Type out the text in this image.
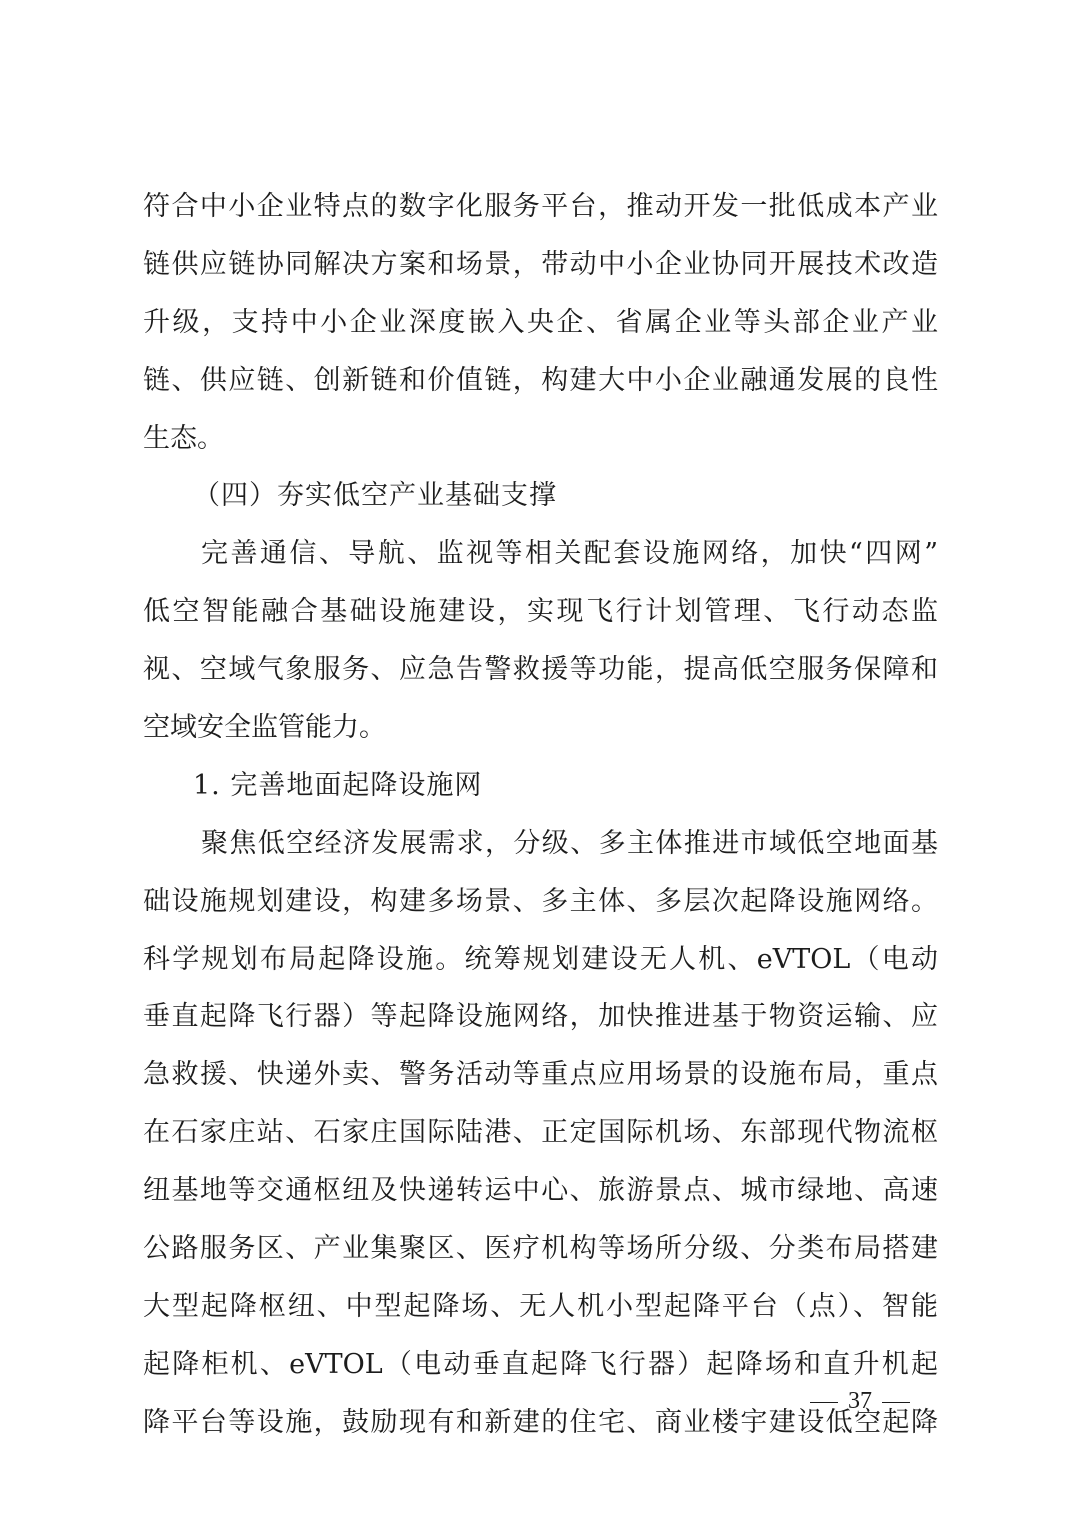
符合中小企业特点的数字化服务平台，推动开发一批低成本产业
链供应链协同解决方案和场景，带动中小企业协同开展技术改造
升级，支持中小企业深度嵌入央企、省属企业等头部企业产业
链、供应链、创新链和价值链，构建大中小企业融通发展的良性
生态。
（四）夯实低空产业基础支撑
完善通信、导航、监视等相关配套设施网络，加快“四网”
低空智能融合基础设施建设，实现飞行计划管理、飞行动态监
视、空域气象服务、应急告警救援等功能，提高低空服务保障和
空域安全监管能力。
1. 完善地面起降设施网
聚焦低空经济发展需求，分级、多主体推进市域低空地面基
础设施规划建设，构建多场景、多主体、多层次起降设施网络。
科学规划布局起降设施。统筹规划建设无人机、eVTOL（电动
垂直起降飞行器）等起降设施网络，加快推进基于物资运输、应
急救援、快递外卖、警务活动等重点应用场景的设施布局，重点
在石家庄站、石家庄国际陆港、正定国际机场、东部现代物流枢
纽基地等交通枢纽及快递转运中心、旅游景点、城市绿地、高速
公路服务区、产业集聚区、医疗机构等场所分级、分类布局搭建
大型起降枢纽、中型起降场、无人机小型起降平台（点）、智能
起降柜机、eVTOL（电动垂直起降飞行器）起降场和直升机起
降平台等设施，鼓励现有和新建的住宅、商业楼宇建设低空起降
37
